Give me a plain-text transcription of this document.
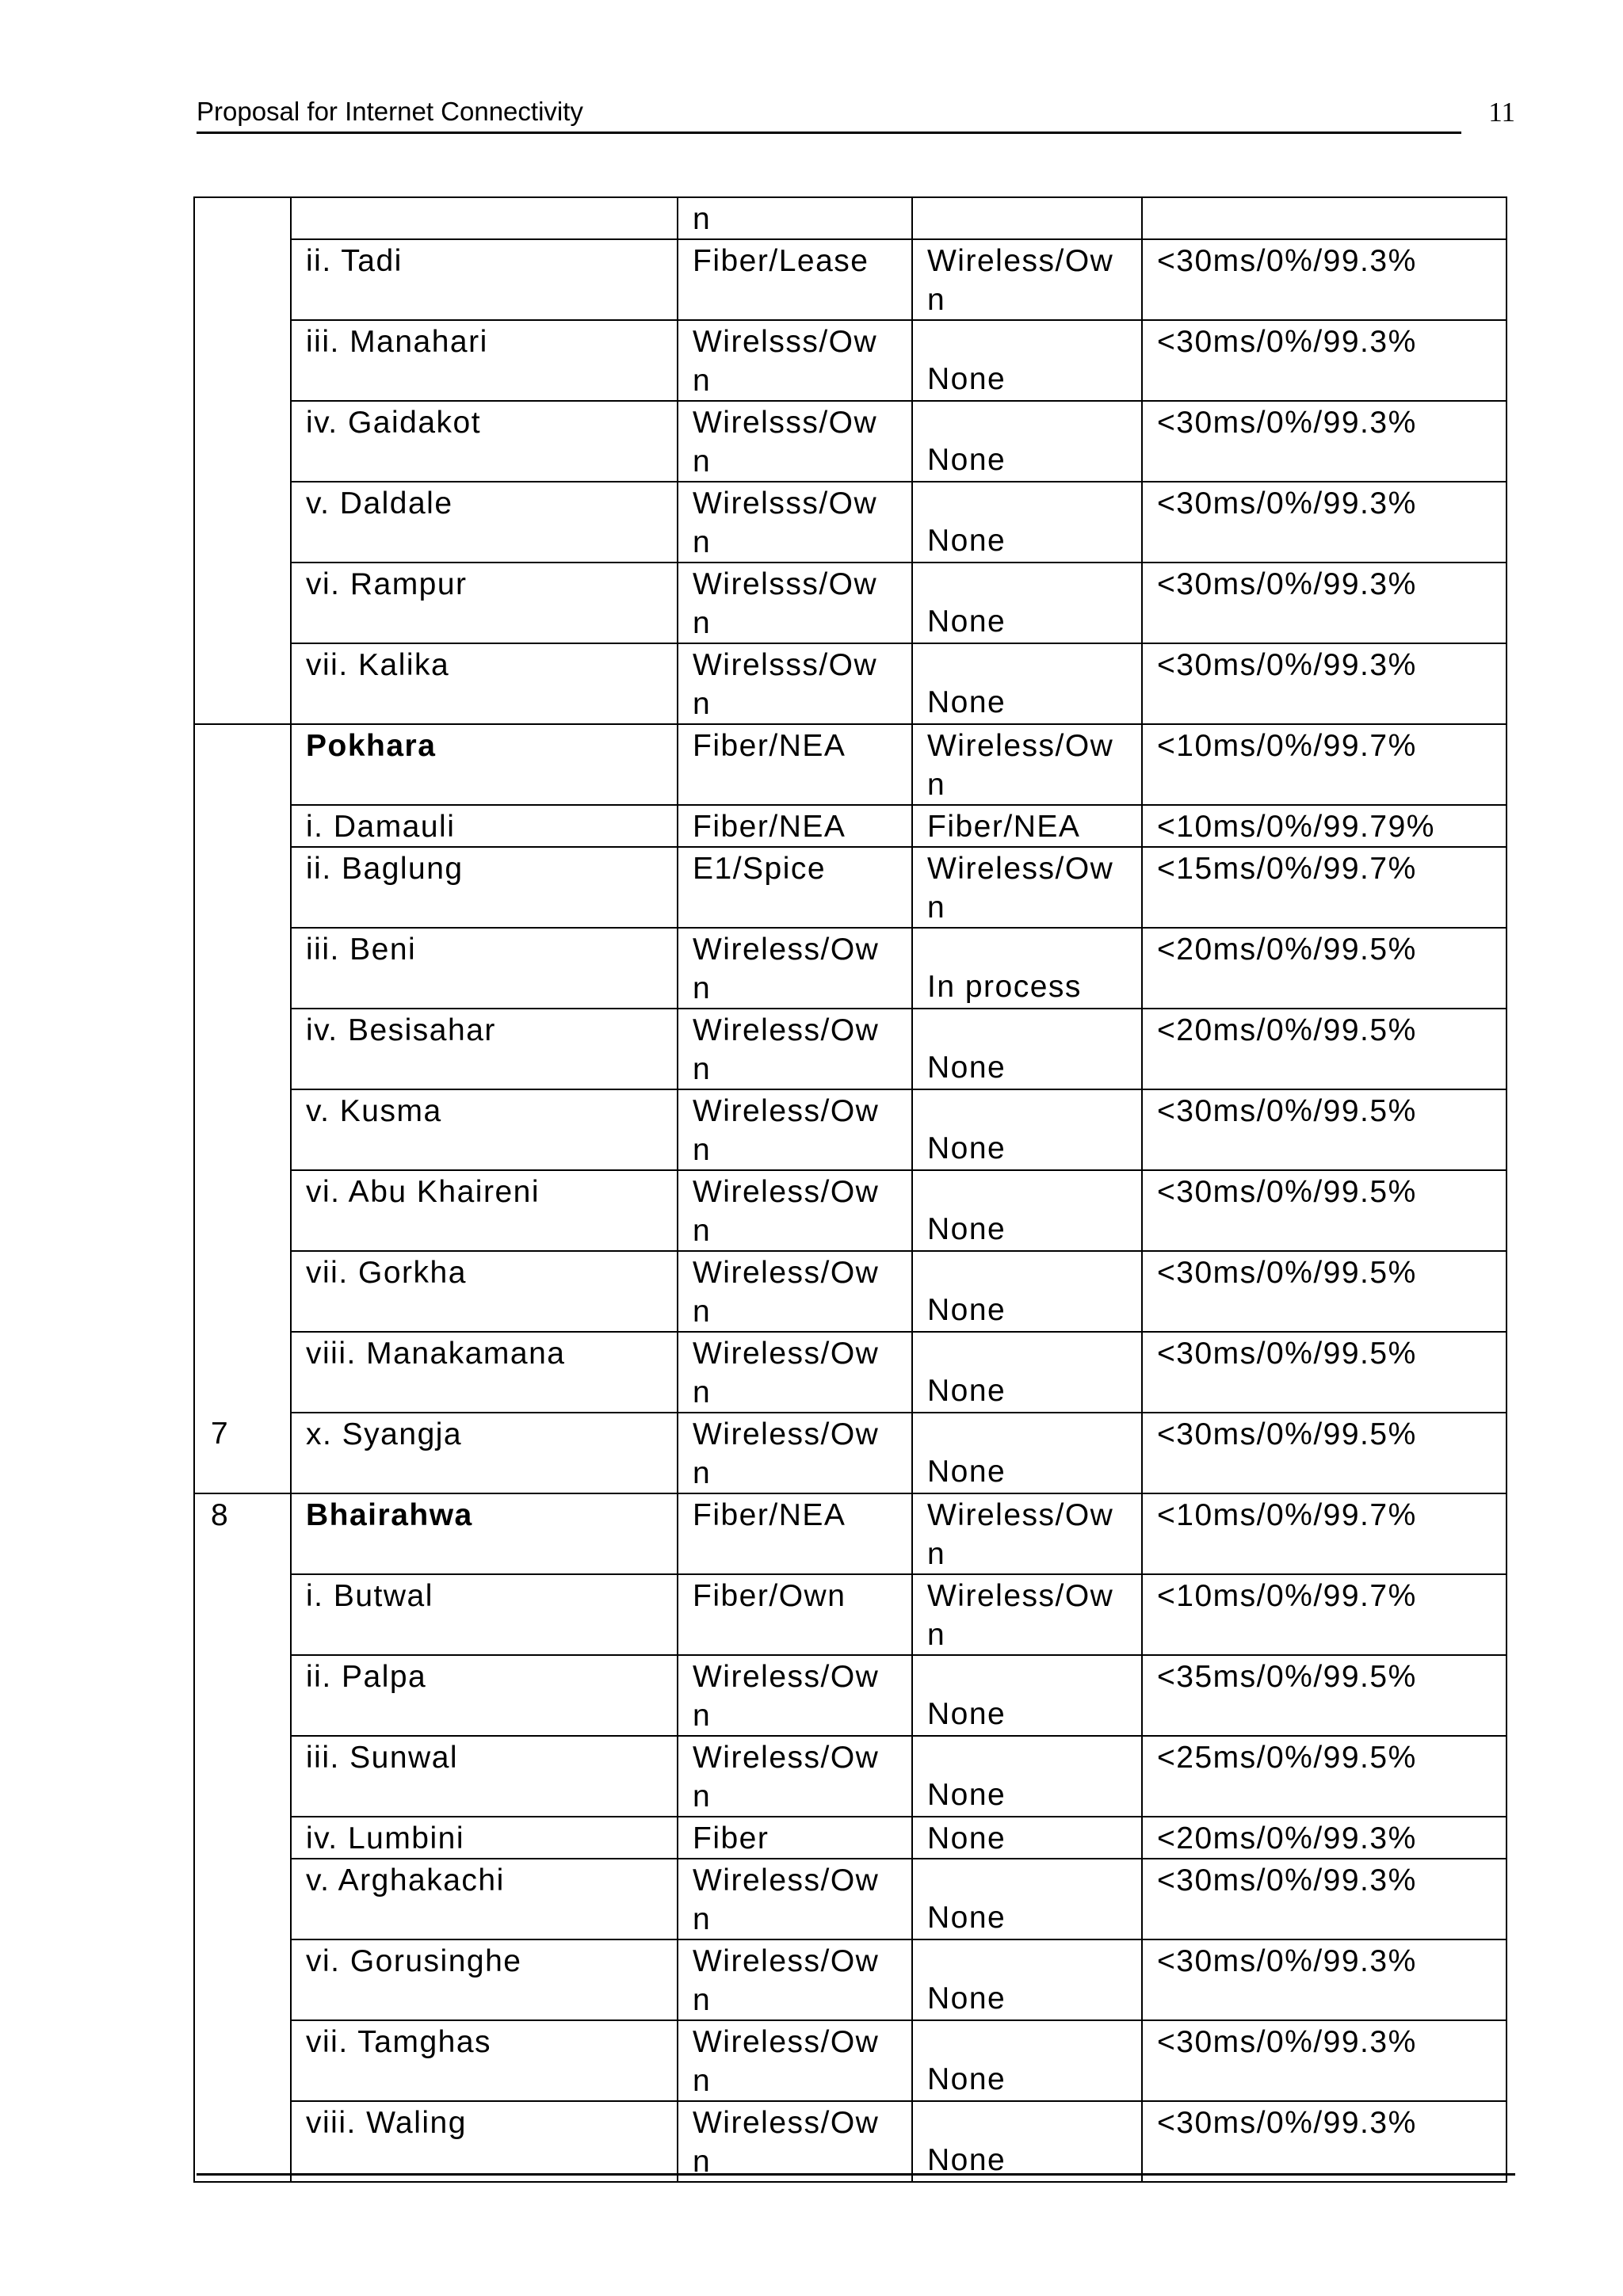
Proposal for Internet Connectivity	11

		n		

	ii. Tadi	Fiber/Lease	Wireless/Own	<30ms/0%/99.3%
	iii. Manahari	Wirelsss/Own	None	<30ms/0%/99.3%
	iv. Gaidakot	Wirelsss/Own	None	<30ms/0%/99.3%
	v. Daldale	Wirelsss/Own	None	<30ms/0%/99.3%
	vi. Rampur	Wirelsss/Own	None	<30ms/0%/99.3%
	vii. Kalika	Wirelsss/Own	None	<30ms/0%/99.3%
	Pokhara	Fiber/NEA	Wireless/Own	<10ms/0%/99.7%
	i. Damauli	Fiber/NEA	Fiber/NEA	<10ms/0%/99.79%
	ii. Baglung	E1/Spice	Wireless/Own	<15ms/0%/99.7%
	iii. Beni	Wireless/Own	In process	<20ms/0%/99.5%
	iv. Besisahar	Wireless/Own	None	<20ms/0%/99.5%
	v. Kusma	Wireless/Own	None	<30ms/0%/99.5%
	vi. Abu Khaireni	Wireless/Own	None	<30ms/0%/99.5%
	vii. Gorkha	Wireless/Own	None	<30ms/0%/99.5%
	viii. Manakamana	Wireless/Own	None	<30ms/0%/99.5%
7	x. Syangja	Wireless/Own	None	<30ms/0%/99.5%
8	Bhairahwa	Fiber/NEA	Wireless/Own	<10ms/0%/99.7%
	i. Butwal	Fiber/Own	Wireless/Own	<10ms/0%/99.7%
	ii. Palpa	Wireless/Own	None	<35ms/0%/99.5%
	iii. Sunwal	Wireless/Own	None	<25ms/0%/99.5%
	iv. Lumbini	Fiber	None	<20ms/0%/99.3%
	v. Arghakachi	Wireless/Own	None	<30ms/0%/99.3%
	vi. Gorusinghe	Wireless/Own	None	<30ms/0%/99.3%
	vii. Tamghas	Wireless/Own	None	<30ms/0%/99.3%
	viii. Waling	Wireless/Own	None	<30ms/0%/99.3%
